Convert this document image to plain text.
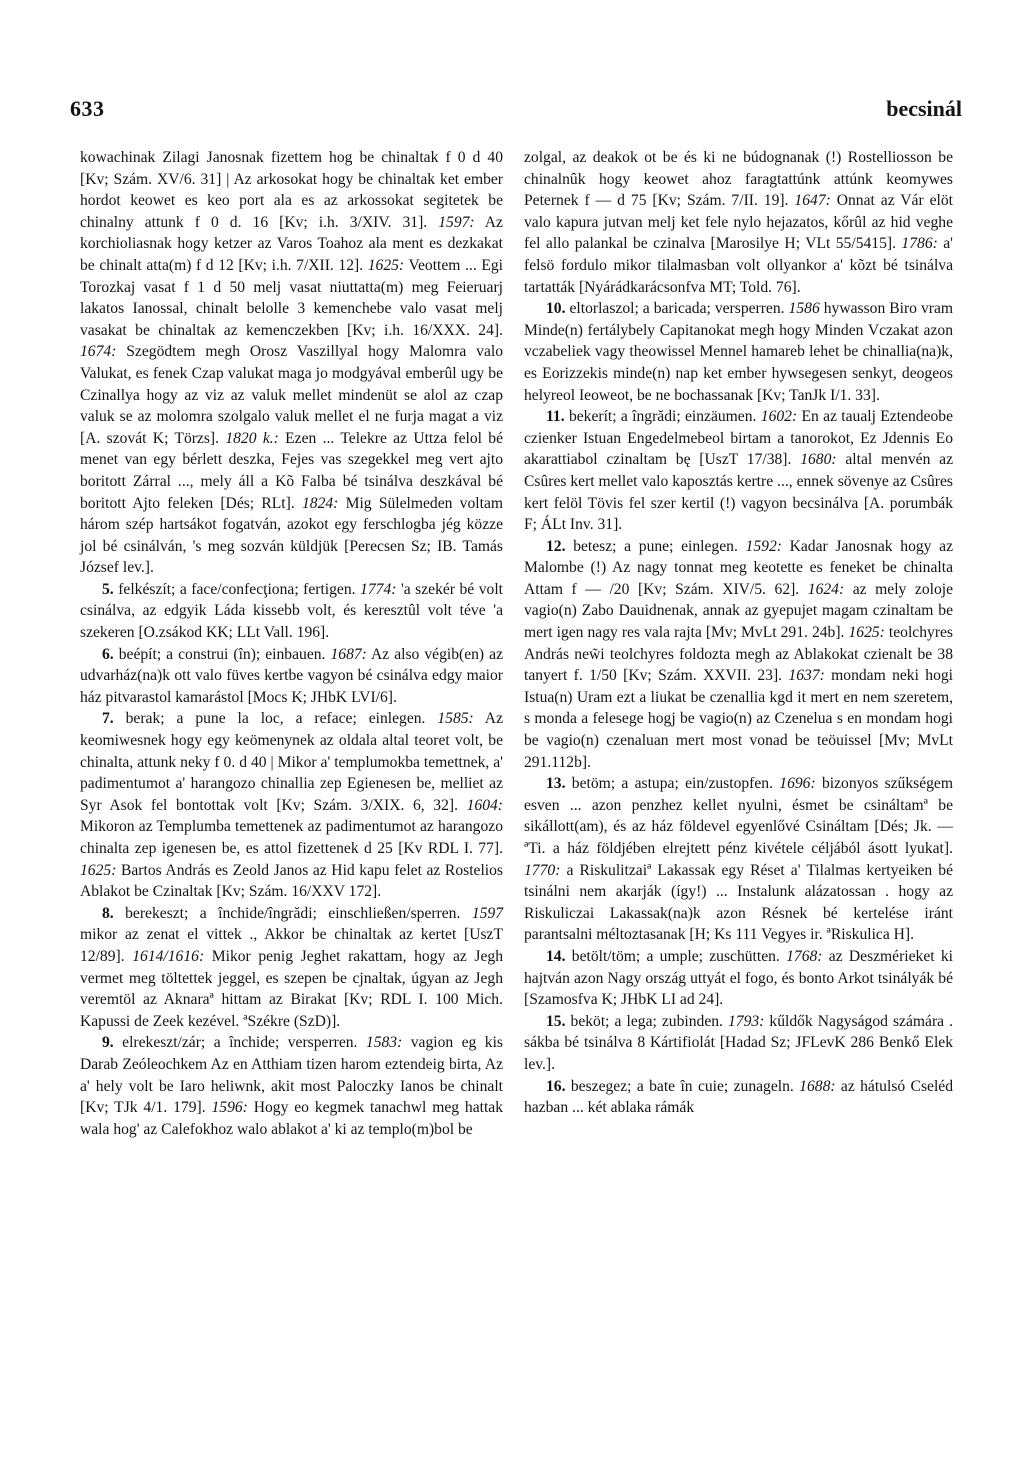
633	becsinál

kowachinak Zilagi Janosnak fizettem hog be chinaltak f 0 d 40 [Kv; Szám. XV/6. 31] | Az arkosokat hogy be chinaltak ket ember hordot keowet es keo port ala es az arkossokat segitetek be chinalny attunk f 0 d. 16 [Kv; i.h. 3/XIV. 31]. 1597: Az korchioliasnak hogy ketzer az Varos Toahoz ala ment es dezkakat be chinalt atta(m) f d 12 [Kv; i.h. 7/XII. 12]. 1625: Veottem ... Egi Torozkaj vasat f 1 d 50 melj vasat niuttatta(m) meg Feieruarj lakatos Ianossal, chinalt belolle 3 kemenchebe valo vasat melj vasakat be chinaltak az kemenczekben [Kv; i.h. 16/XXX. 24]. 1674: Szegödtem megh Orosz Vaszillyal hogy Malomra valo Valukat, es fenek Czap valukat maga jo modgyával emberûl ugy be Czinallya hogy az viz az valuk mellet mindenüt se alol az czap valuk se az molomra szolgalo valuk mellet el ne furja magat a viz [A. szovát K; Törzs]. 1820 k.: Ezen ... Telekre az Uttza felol bé menet van egy bérlett deszka, Fejes vas szegekkel meg vert ajto boritott Zárral ..., mely áll a Kõ Falba bé tsinálva deszkával bé boritott Ajto feleken [Dés; RLt]. 1824: Mig Sülelmeden voltam három szép hartsákot fogatván, azokot egy ferschlogba jég közze jol bé csinálván, 's meg sozván küldjük [Perecsen Sz; IB. Tamás József lev.].

5. felkészít; a face/confecţiona; fertigen. 1774: 'a szekér bé volt csinálva, az edgyik Láda kissebb volt, és keresztûl volt téve 'a szekeren [O.zsákod KK; LLt Vall. 196].

6. beépít; a construi (în); einbauen. 1687: Az also végib(en) az udvarház(na)k ott valo füves kertbe vagyon bé csinálva edgy maior ház pitvarastol kamarástol [Mocs K; JHbK LVI/6].

7. berak; a pune la loc, a reface; einlegen. 1585: Az keomiwesnek hogy egy keömenynek az oldala altal teoret volt, be chinalta, attunk neky f 0. d 40 | Mikor a' templumokba temettnek, a' padimentumot a' harangozo chinallia zep Egienesen be, melliet az Syr Asok fel bontottak volt [Kv; Szám. 3/XIX. 6, 32]. 1604: Mikoron az Templumba temettenek az padimentumot az harangozo chinalta zep igenesen be, es attol fizettenek d 25 [Kv RDL I. 77]. 1625: Bartos András es Zeold Janos az Hid kapu felet az Rostelios Ablakot be Czinaltak [Kv; Szám. 16/XXV 172].

8. berekeszt; a închide/îngrădi; einschließen/sperren. 1597 mikor az zenat el vittek ., Akkor be chinaltak az kertet [UszT 12/89]. 1614/1616: Mikor penig Jeghet rakattam, hogy az Jegh vermet meg töltettek jeggel, es szepen be cjnaltak, úgyan az Jegh veremtöl az Aknaraª hittam az Birakat [Kv; RDL I. 100 Mich. Kapussi de Zeek kezével. ªSzékre (SzD)].

9. elrekeszt/zár; a închide; versperren. 1583: vagion eg kis Darab Zeóleochkem Az en Atthiam tizen harom eztendeig birta, Az a' hely volt be Iaro heliwnk, akit most Paloczky Ianos be chinalt [Kv; TJk 4/1. 179]. 1596: Hogy eo kegmek tanachwl meg hattak wala hog' az Calefokhoz walo ablakot a' ki az templo(m)bol be

zolgal, az deakok ot be és ki ne búdognanak (!) Rostelliosson be chinalnûk hogy keowet ahoz faragtattúnk attúnk keomywes Peternek f — d 75 [Kv; Szám. 7/II. 19]. 1647: Onnat az Vár elöt valo kapura jutvan melj ket fele nylo hejazatos, kőrûl az hid veghe fel allo palankal be czinalva [Marosilye H; VLt 55/5415]. 1786: a' felsö fordulo mikor tilalmasban volt ollyankor a' kõzt bé tsinálva tartatták [Nyárádkarácsonfva MT; Told. 76].

10. eltorlaszol; a baricada; versperren. 1586 hywasson Biro vram Minde(n) fertálybely Capitanokat megh hogy Minden Vczakat azon vczabeliek vagy theowissel Mennel hamareb lehet be chinallia(na)k, es Eorizzekis minde(n) nap ket ember hywsegesen senkyt, deogeos helyreol Ieoweot, be ne bochassanak [Kv; TanJk I/1. 33].

11. bekerít; a îngrădi; einzäumen. 1602: En az taualj Eztendeobe czienker Istuan Engedelmebeol birtam a tanorokot, Ez Jdennis Eo akarattiabol czinaltam bę [UszT 17/38]. 1680: altal menvén az Csûres kert mellet valo kaposztás kertre ..., ennek sövenye az Csûres kert felöl Tövis fel szer kertil (!) vagyon becsinálva [A. porumbák F; ÁLt Inv. 31].

12. betesz; a pune; einlegen. 1592: Kadar Janosnak hogy az Malombe (!) Az nagy tonnat meg keotette es feneket be chinalta Attam f — /20 [Kv; Szám. XIV/5. 62]. 1624: az mely zoloje vagio(n) Zabo Dauidnenak, annak az gyepujet magam czinaltam be mert igen nagy res vala rajta [Mv; MvLt 291. 24b]. 1625: teolchyres András new̃i teolchyres foldozta megh az Ablakokat czienalt be 38 tanyert f. 1/50 [Kv; Szám. XXVII. 23]. 1637: mondam neki hogi Istua(n) Uram ezt a liukat be czenallia kgd it mert en nem szeretem, s monda a felesege hogj be vagio(n) az Czenelua s en mondam hogi be vagio(n) czenaluan mert most vonad be teöuissel [Mv; MvLt 291.112b].

13. betöm; a astupa; ein/zustopfen. 1696: bizonyos szűkségem esven ... azon penzhez kellet nyulni, ésmet be csináltamª be sikállott(am), és az ház földevel egyenlővé Csináltam [Dés; Jk. — ªTi. a ház földjében elrejtett pénz kivétele céljából ásott lyukat]. 1770: a Riskulitzaiª Lakassak egy Réset a' Tilalmas kertyeiken bé tsinálni nem akarják (így!) ... Instalunk alázatossan . hogy az Riskuliczai Lakassak(na)k azon Résnek bé kertelése iránt parantsalni méltoztasanak [H; Ks 111 Vegyes ir. ªRiskulica H].

14. betölt/töm; a umple; zuschütten. 1768: az Deszmérieket ki hajtván azon Nagy ország uttyát el fogo, és bonto Arkot tsinályák bé [Szamosfva K; JHbK LI ad 24].

15. beköt; a lega; zubinden. 1793: kűldők Nagyságod számára . sákba bé tsinálva 8 Kártifiolát [Hadad Sz; JFLevK 286 Benkő Elek lev.].

16. beszegez; a bate în cuie; zunageln. 1688: az hátulsó Cseléd hazban ... két ablaka rámák
